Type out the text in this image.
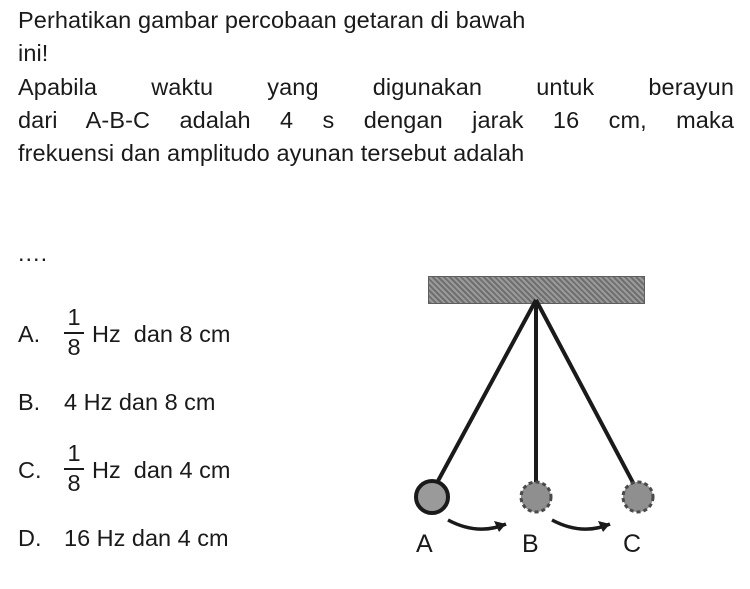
Perhatikan gambar percobaan getaran di bawah
ini!
Apabila waktu yang digunakan untuk berayun
dari A-B-C adalah 4 s dengan jarak 16 cm, maka
frekuensi dan amplitudo ayunan tersebut adalah
....
A.	$\frac{1}{8}$ Hz  dan 8 cm
B.	4 Hz dan 8 cm
C. $\frac{1}{8}$ Hz  dan 4 cm
D. 16 Hz dan 4 cm	A	B	C
